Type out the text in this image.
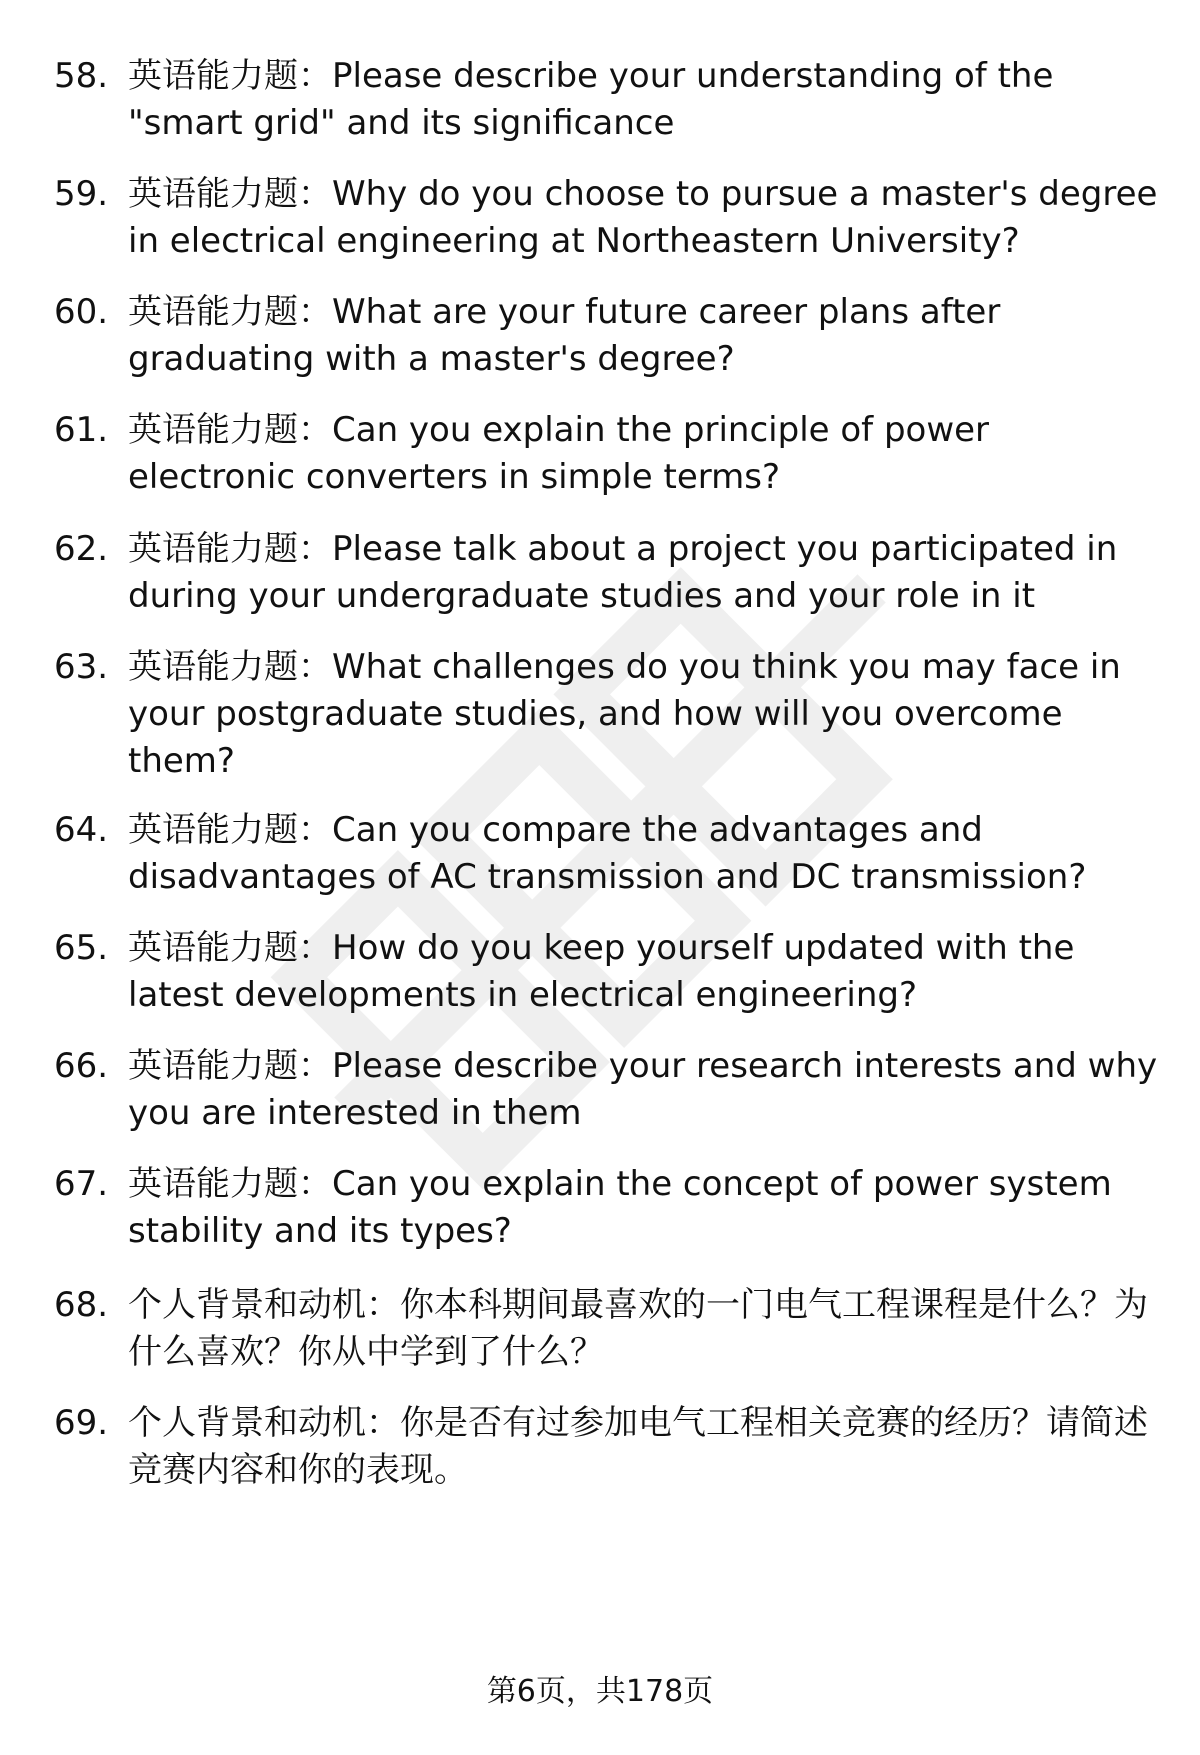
58. 英语能力题：Please describe your understanding of the "smart grid" and its significance
59. 英语能力题：Why do you choose to pursue a master's degree in electrical engineering at Northeastern University?
60. 英语能力题：What are your future career plans after graduating with a master's degree?
61. 英语能力题：Can you explain the principle of power electronic converters in simple terms?
62. 英语能力题：Please talk about a project you participated in during your undergraduate studies and your role in it
63. 英语能力题：What challenges do you think you may face in your postgraduate studies, and how will you overcome them?
64. 英语能力题：Can you compare the advantages and disadvantages of AC transmission and DC transmission?
65. 英语能力题：How do you keep yourself updated with the latest developments in electrical engineering?
66. 英语能力题：Please describe your research interests and why you are interested in them
67. 英语能力题：Can you explain the concept of power system stability and its types?
68. 个人背景和动机：你本科期间最喜欢的一门电气工程课程是什么？为什么喜欢？你从中学到了什么？
69. 个人背景和动机：你是否有过参加电气工程相关竞赛的经历？请简述竞赛内容和你的表现。
第6页，共178页
